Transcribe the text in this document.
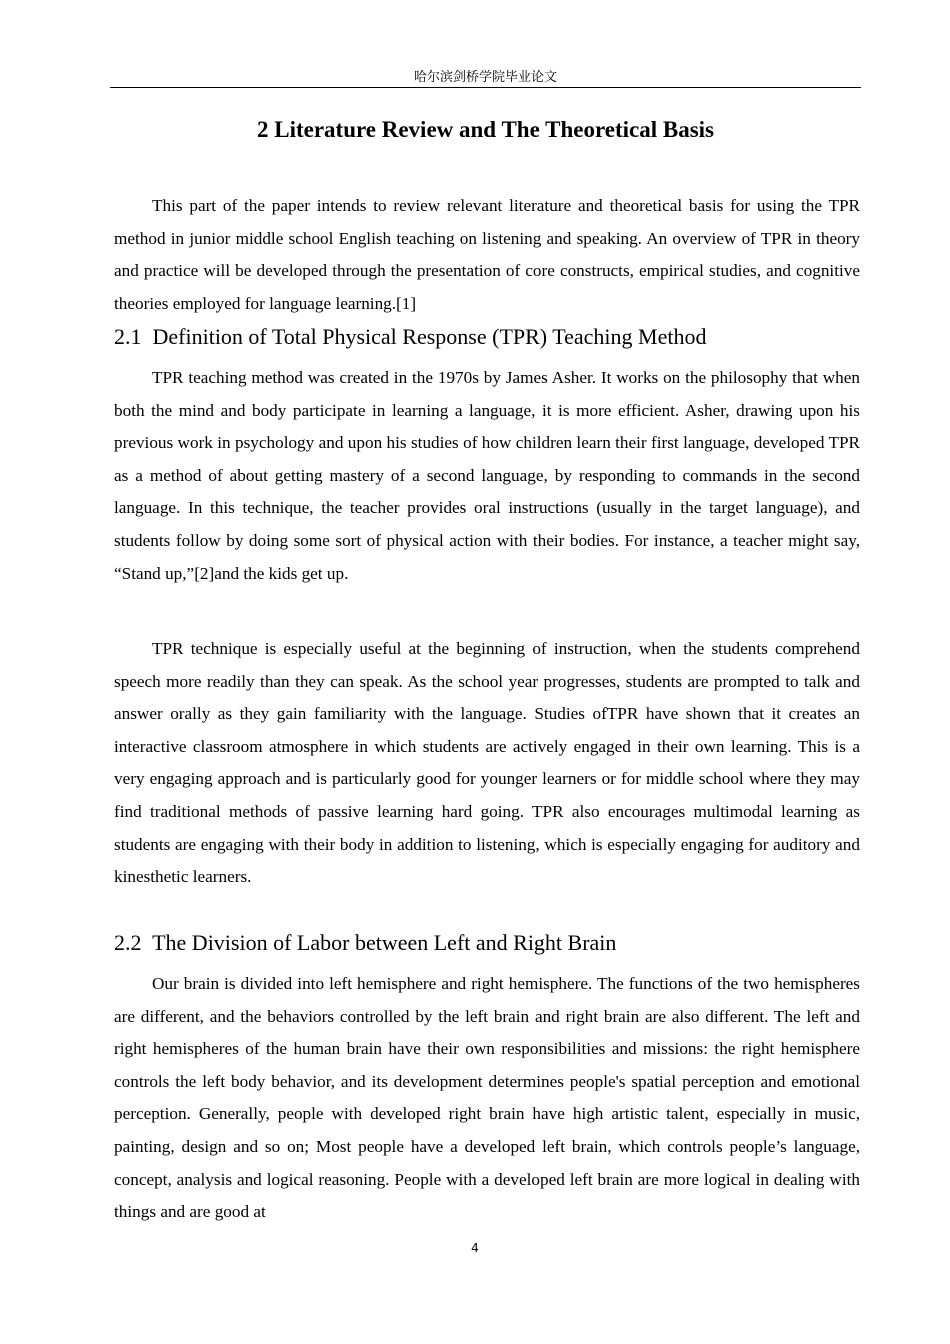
哈尔滨剑桥学院毕业论文
2 Literature Review and The Theoretical Basis

This part of the paper intends to review relevant literature and theoretical basis for using the TPR method in junior middle school English teaching on listening and speaking. An overview of TPR in theory and practice will be developed through the presentation of core constructs, empirical studies, and cognitive theories employed for language learning.[1]

2.1  Definition of Total Physical Response (TPR) Teaching Method

TPR teaching method was created in the 1970s by James Asher. It works on the philosophy that when both the mind and body participate in learning a language, it is more efficient. Asher, drawing upon his previous work in psychology and upon his studies of how children learn their first language, developed TPR as a method of about getting mastery of a second language, by responding to commands in the second language. In this technique, the teacher provides oral instructions (usually in the target language), and students follow by doing some sort of physical action with their bodies. For instance, a teacher might say, “Stand up,”[2]and the kids get up.

TPR technique is especially useful at the beginning of instruction, when the students comprehend speech more readily than they can speak. As the school year progresses, students are prompted to talk and answer orally as they gain familiarity with the language. Studies ofTPR have shown that it creates an interactive classroom atmosphere in which students are actively engaged in their own learning. This is a very engaging approach and is particularly good for younger learners or for middle school where they may find traditional methods of passive learning hard going. TPR also encourages multimodal learning as students are engaging with their body in addition to listening, which is especially engaging for auditory and kinesthetic learners.

2.2  The Division of Labor between Left and Right Brain

Our brain is divided into left hemisphere and right hemisphere. The functions of the two hemispheres are different, and the behaviors controlled by the left brain and right brain are also different. The left and right hemispheres of the human brain have their own responsibilities and missions: the right hemisphere controls the left body behavior, and its development determines people's spatial perception and emotional perception. Generally, people with developed right brain have high artistic talent, especially in music, painting, design and so on; Most people have a developed left brain, which controls people’s language, concept, analysis and logical reasoning. People with a developed left brain are more logical in dealing with things and are good at

4
